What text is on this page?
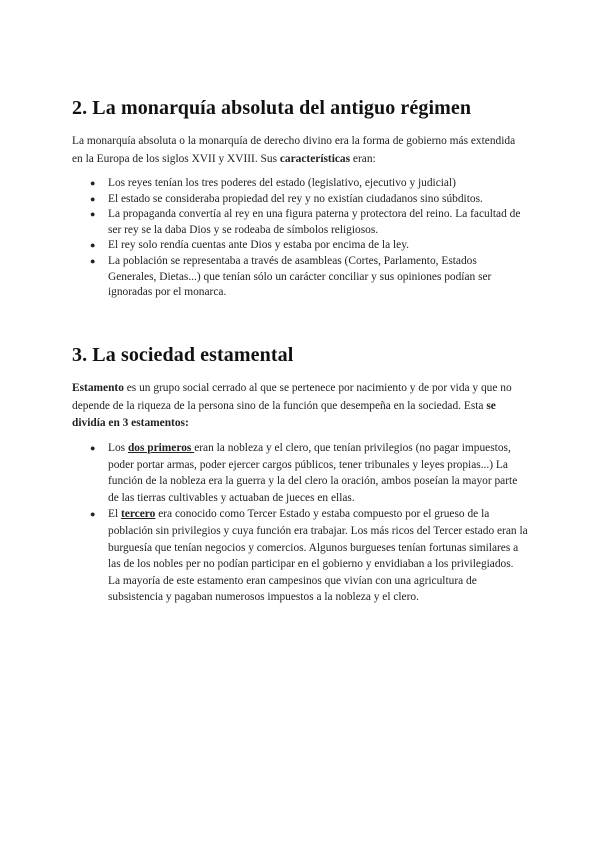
2. La monarquía absoluta del antiguo régimen

La monarquía absoluta o la monarquía de derecho divino era la forma de gobierno más extendida en la Europa de los siglos XVII y XVIII. Sus características eran:

● Los reyes tenían los tres poderes del estado (legislativo, ejecutivo y judicial)
● El estado se consideraba propiedad del rey y no existían ciudadanos sino súbditos.
● La propaganda convertía al rey en una figura paterna y protectora del reino. La facultad de ser rey se la daba Dios y se rodeaba de símbolos religiosos.
● El rey solo rendía cuentas ante Dios y estaba por encima de la ley.
● La población se representaba a través de asambleas (Cortes, Parlamento, Estados Generales, Dietas...) que tenían sólo un carácter conciliar y sus opiniones podían ser ignoradas por el monarca.
3. La sociedad estamental

Estamento es un grupo social cerrado al que se pertenece por nacimiento y de por vida y que no depende de la riqueza de la persona sino de la función que desempeña en la sociedad. Esta se dividía en 3 estamentos:

● Los dos primeros eran la nobleza y el clero, que tenían privilegios (no pagar impuestos, poder portar armas, poder ejercer cargos públicos, tener tribunales y leyes propias...) La función de la nobleza era la guerra y la del clero la oración, ambos poseían la mayor parte de las tierras cultivables y actuaban de jueces en ellas.
● El tercero era conocido como Tercer Estado y estaba compuesto por el grueso de la población sin privilegios y cuya función era trabajar. Los más ricos del Tercer estado eran la burguesía que tenían negocios y comercios. Algunos burgueses tenían fortunas similares a las de los nobles per no podían participar en el gobierno y envidiaban a los privilegiados. La mayoría de este estamento eran campesinos que vivían con una agricultura de subsistencia y pagaban numerosos impuestos a la nobleza y el clero.
